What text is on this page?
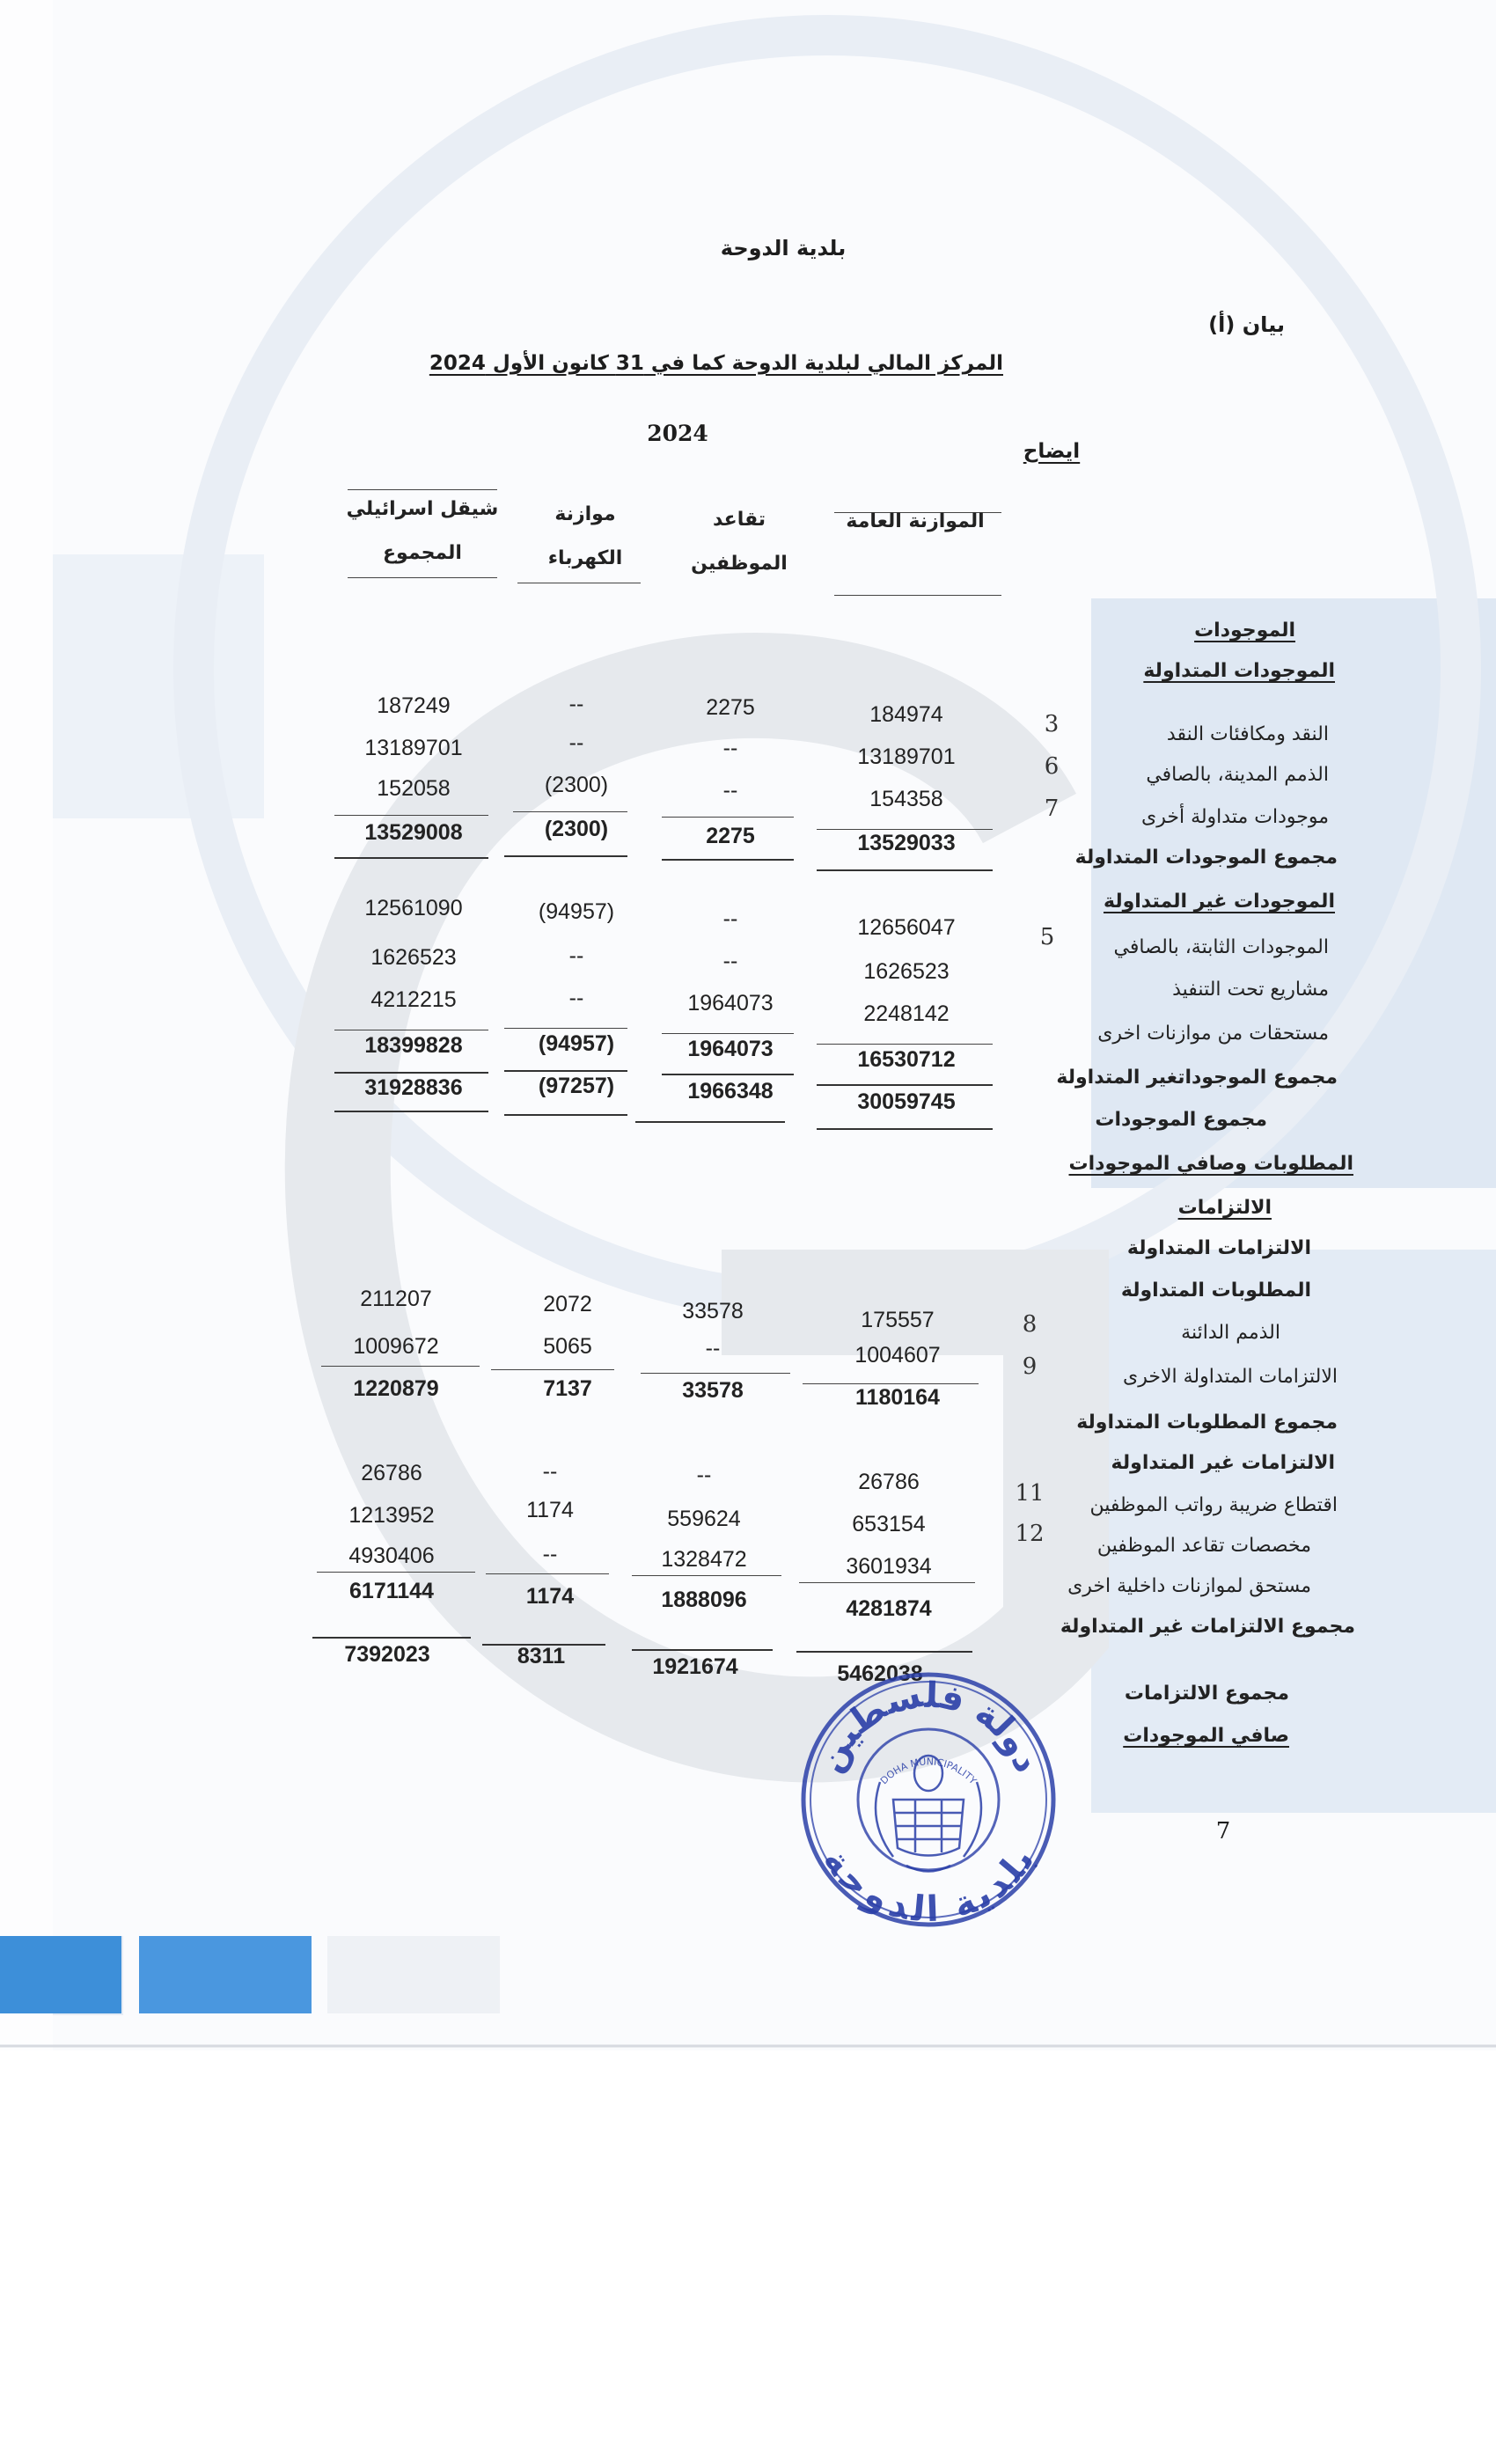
بلدية الدوحة
بيان (أ)
المركز المالي لبلدية الدوحة كما في 31 كانون الأول 2024
2024
ايضاح
الموازنة العامة
تقاعد
الموظفين
موازنة
الكهرباء
شيقل اسرائيلي
المجموع
الموجودات
الموجودات المتداولة
النقد ومكافئات النقد
3
184974
2275
--
187249
الذمم المدينة، بالصافي
6
13189701
--
--
13189701
موجودات متداولة أخرى
7
154358
--
(2300)
152058
مجموع الموجودات المتداولة
13529033
2275
(2300)
13529008
الموجودات غير المتداولة
الموجودات الثابتة، بالصافي
5
12656047
--
(94957)
12561090
مشاريع تحت التنفيذ
1626523
--
--
1626523
مستحقات من موازنات اخرى
2248142
1964073
--
4212215
مجموع الموجوداتغير المتداولة
16530712
1964073
(94957)
18399828
مجموع الموجودات
30059745
1966348
(97257)
31928836
المطلوبات وصافي الموجودات
الالتزامات
الالتزامات المتداولة
المطلوبات المتداولة
الذمم الدائنة
8
175557
33578
2072
211207
الالتزامات المتداولة الاخرى
9
1004607
--
5065
1009672
مجموع المطلوبات المتداولة
1180164
33578
7137
1220879
الالتزامات غير المتداولة
اقتطاع ضريبة رواتب الموظفين
11
26786
--
--
26786
مخصصات تقاعد الموظفين
12
653154
559624
1174
1213952
مستحق لموازنات داخلية اخرى
3601934
1328472
--
4930406
مجموع الالتزامات غير المتداولة
4281874
1888096
1174
6171144
5462038
1921674
8311
7392023
مجموع الالتزامات
صافي الموجودات
7
دولة فلسطين
بلدية الدوحة
DOHA MUNICIPALITY
